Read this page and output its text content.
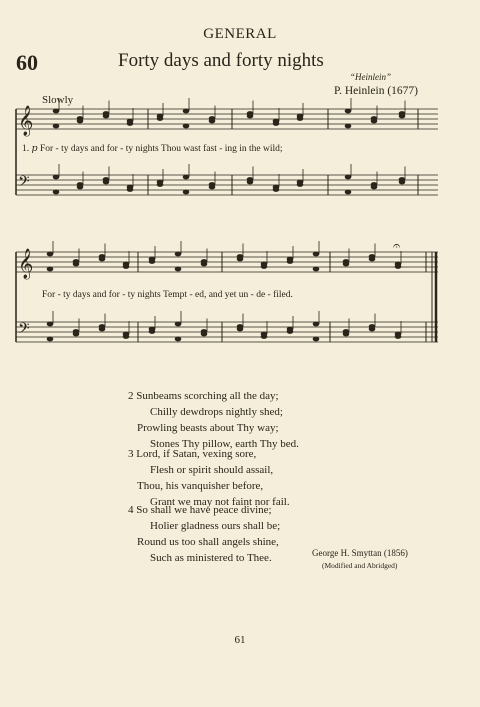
GENERAL
60	Forty days and forty nights
“Heinlein”
P. Heinlein (1677)
Slowly
𝄞
𝄢
𝄞
𝄢
𝄐
1. 𝑝 For - ty days and for - ty nights Thou wast fast - ing in the wild;
For - ty days and for - ty nights Tempt - ed, and yet un - de - filed.
2 Sunbeams scorching all the day;
Chilly dewdrops nightly shed;
Prowling beasts about Thy way;
Stones Thy pillow, earth Thy bed.
3 Lord, if Satan, vexing sore,
Flesh or spirit should assail,
Thou, his vanquisher before,
Grant we may not faint nor fail.
4 So shall we have peace divine;
Holier gladness ours shall be;
Round us too shall angels shine,
Such as ministered to Thee.	George H. Smyttan (1856)
(Modified and Abridged)
61
